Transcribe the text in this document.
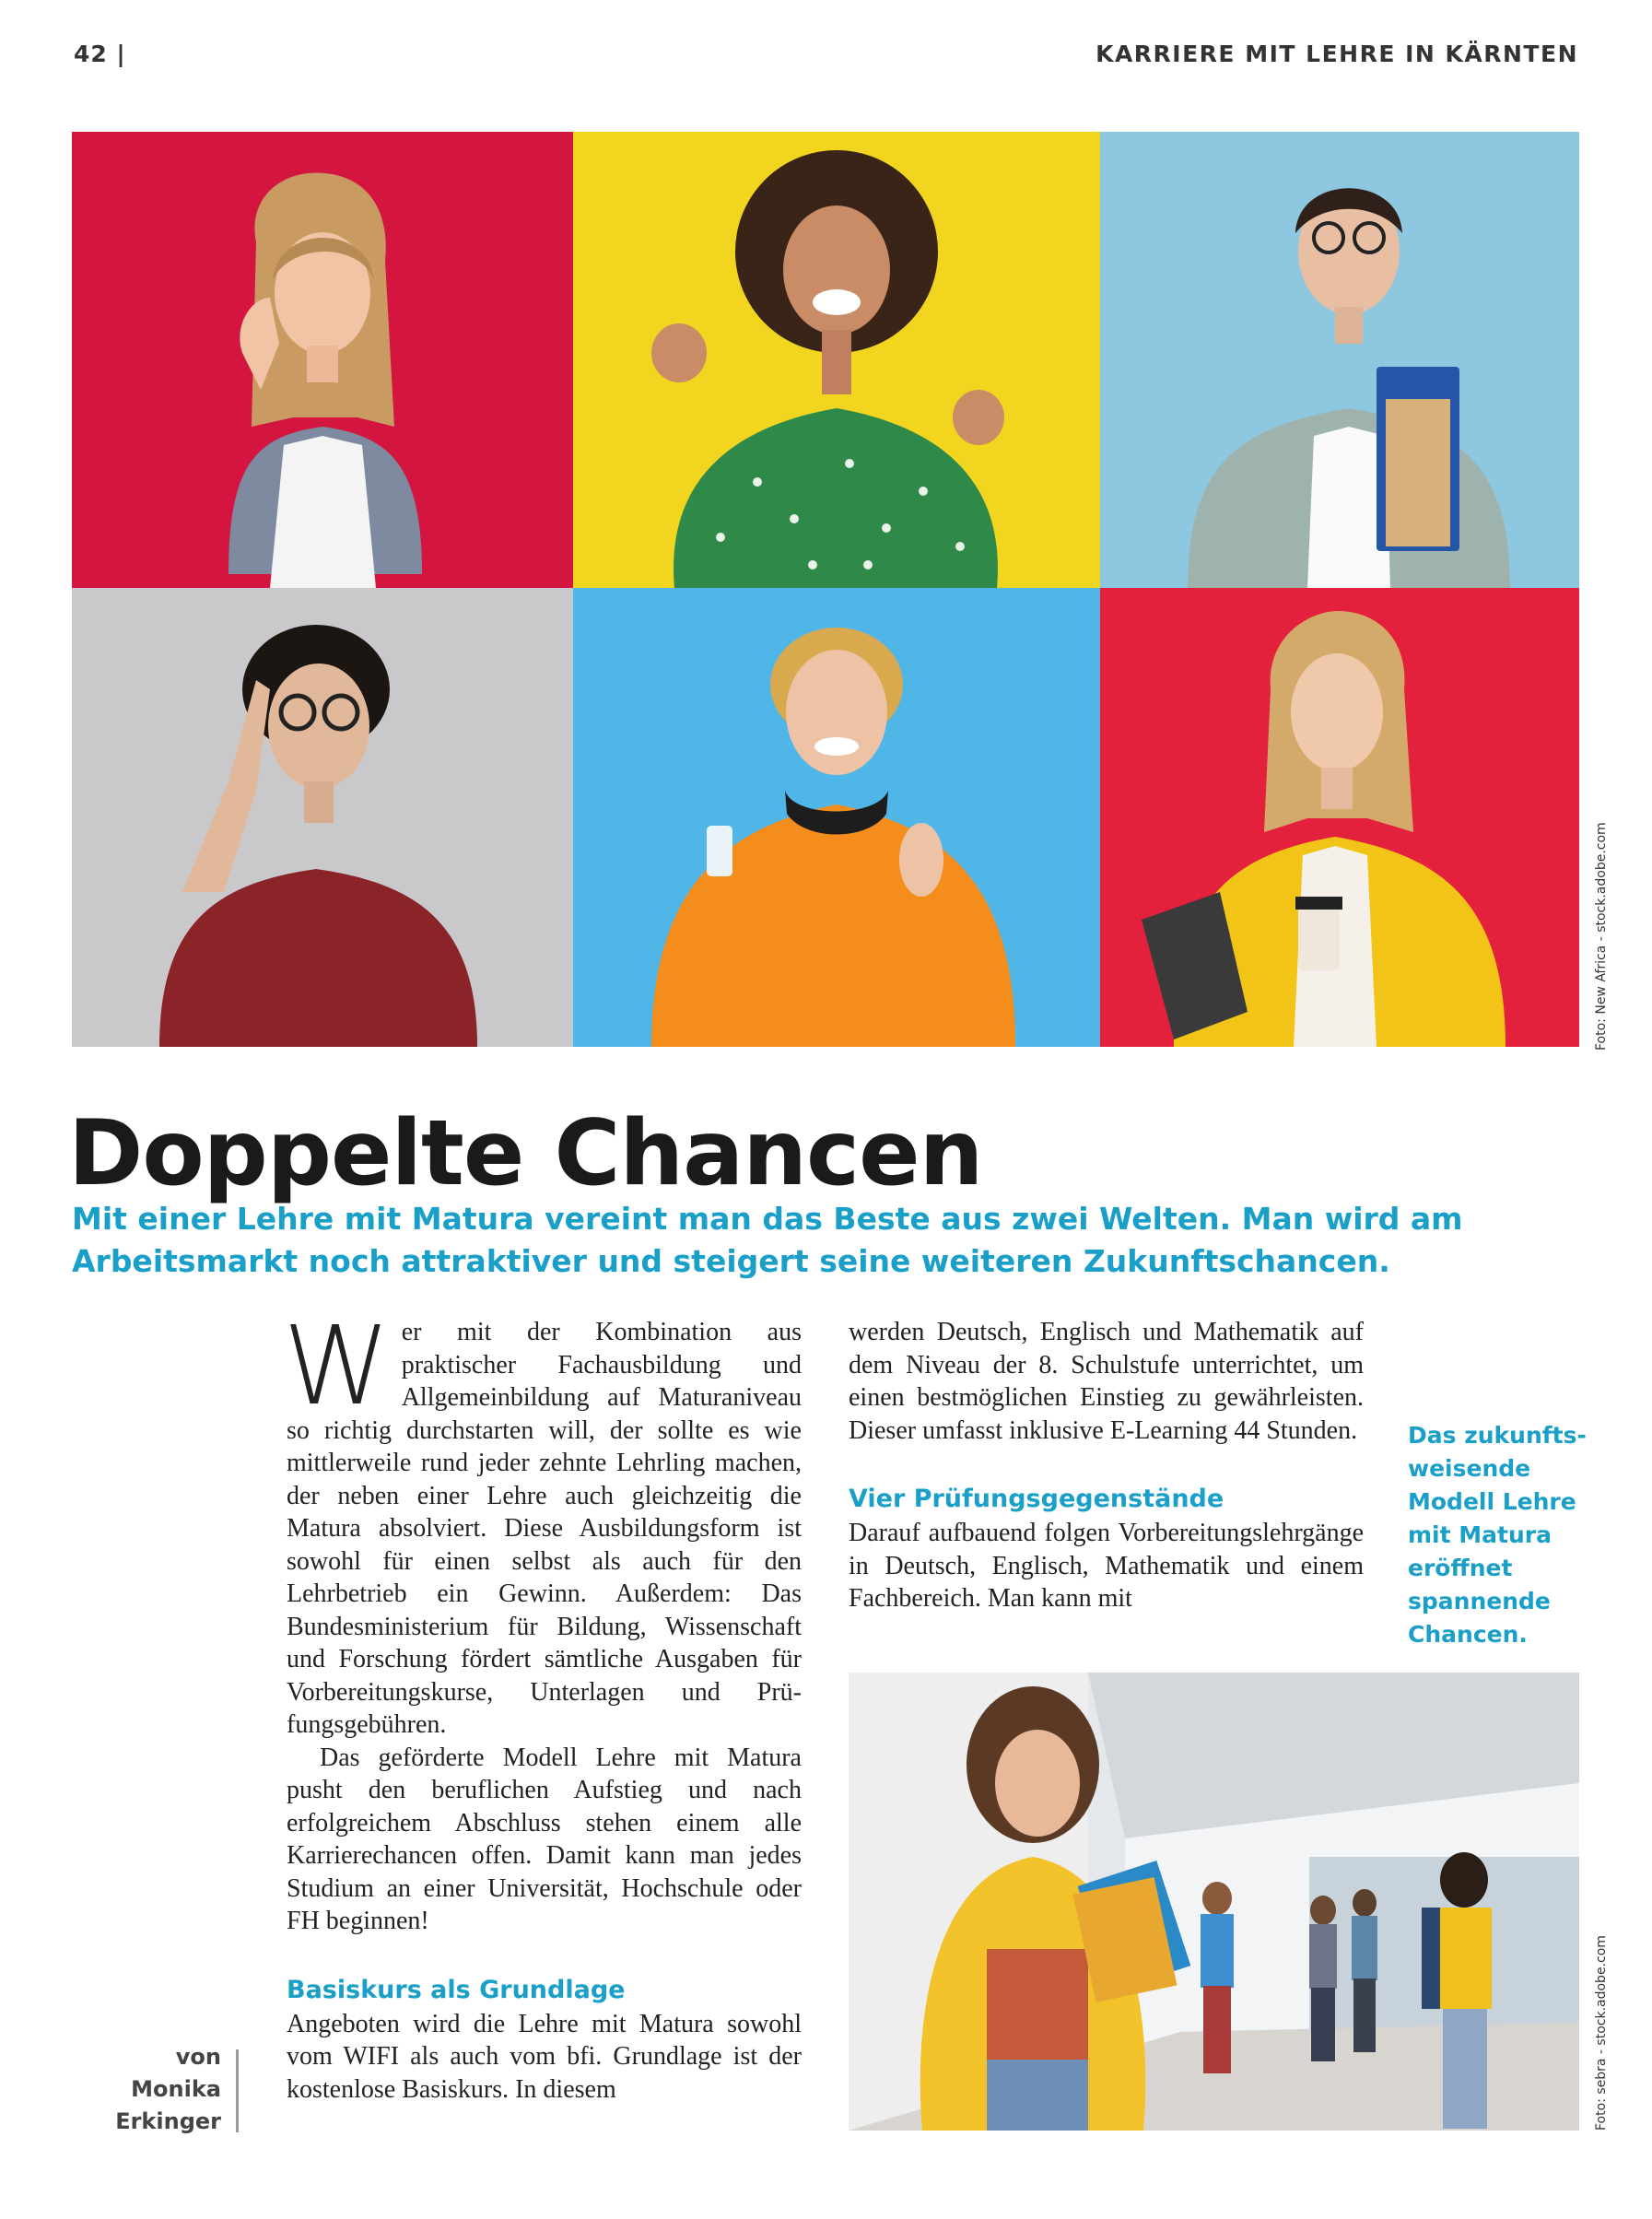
42 |	KARRIERE MIT LEHRE IN KÄRNTEN
Foto: New Africa - stock.adobe.com
Doppelte Chancen
Mit einer Lehre mit Matura vereint man das Beste aus zwei Welten. Man wird am Arbeitsmarkt noch attraktiver und steigert seine weiteren Zukunftschancen.
W er mit der Kombination aus praktischer Fachausbildung und Allgemeinbildung auf Maturaniveau so richtig durchstarten will, der sollte es wie mittlerweile rund jeder zehnte Lehrling machen, der neben einer Lehre auch gleichzeitig die Matura absolviert. Diese Ausbildungsform ist sowohl für einen selbst als auch für den Lehrbetrieb ein Gewinn. Außerdem: Das Bundesministerium für Bildung, Wissenschaft und Forschung fördert sämtliche Ausgaben für Vorbereitungskurse, Unterlagen und Prüfungsgebühren.

Das geförderte Modell Lehre mit Matura pusht den beruflichen Aufstieg und nach erfolgreichem Abschluss stehen einem alle Karrierechancen offen. Damit kann man jedes Studium an einer Universität, Hochschule oder FH beginnen!

Basiskurs als Grundlage

Angeboten wird die Lehre mit Matura sowohl vom WIFI als auch vom bfi. Grundlage ist der kostenlose Basiskurs. In diesem

werden Deutsch, Englisch und Mathematik auf dem Niveau der 8. Schulstufe unterrichtet, um einen bestmöglichen Einstieg zu gewährleisten. Dieser umfasst inklusive E-Learning 44 Stunden.

Vier Prüfungsgegenstände

Darauf aufbauend folgen Vorbereitungslehrgänge in Deutsch, Englisch, Mathematik und einem Fachbereich. Man kann mit

Das zukunftsweisende Modell Lehre mit Matura eröffnet spannende Chancen.
von
Monika
Erkinger	Foto: sebra - stock.adobe.com
